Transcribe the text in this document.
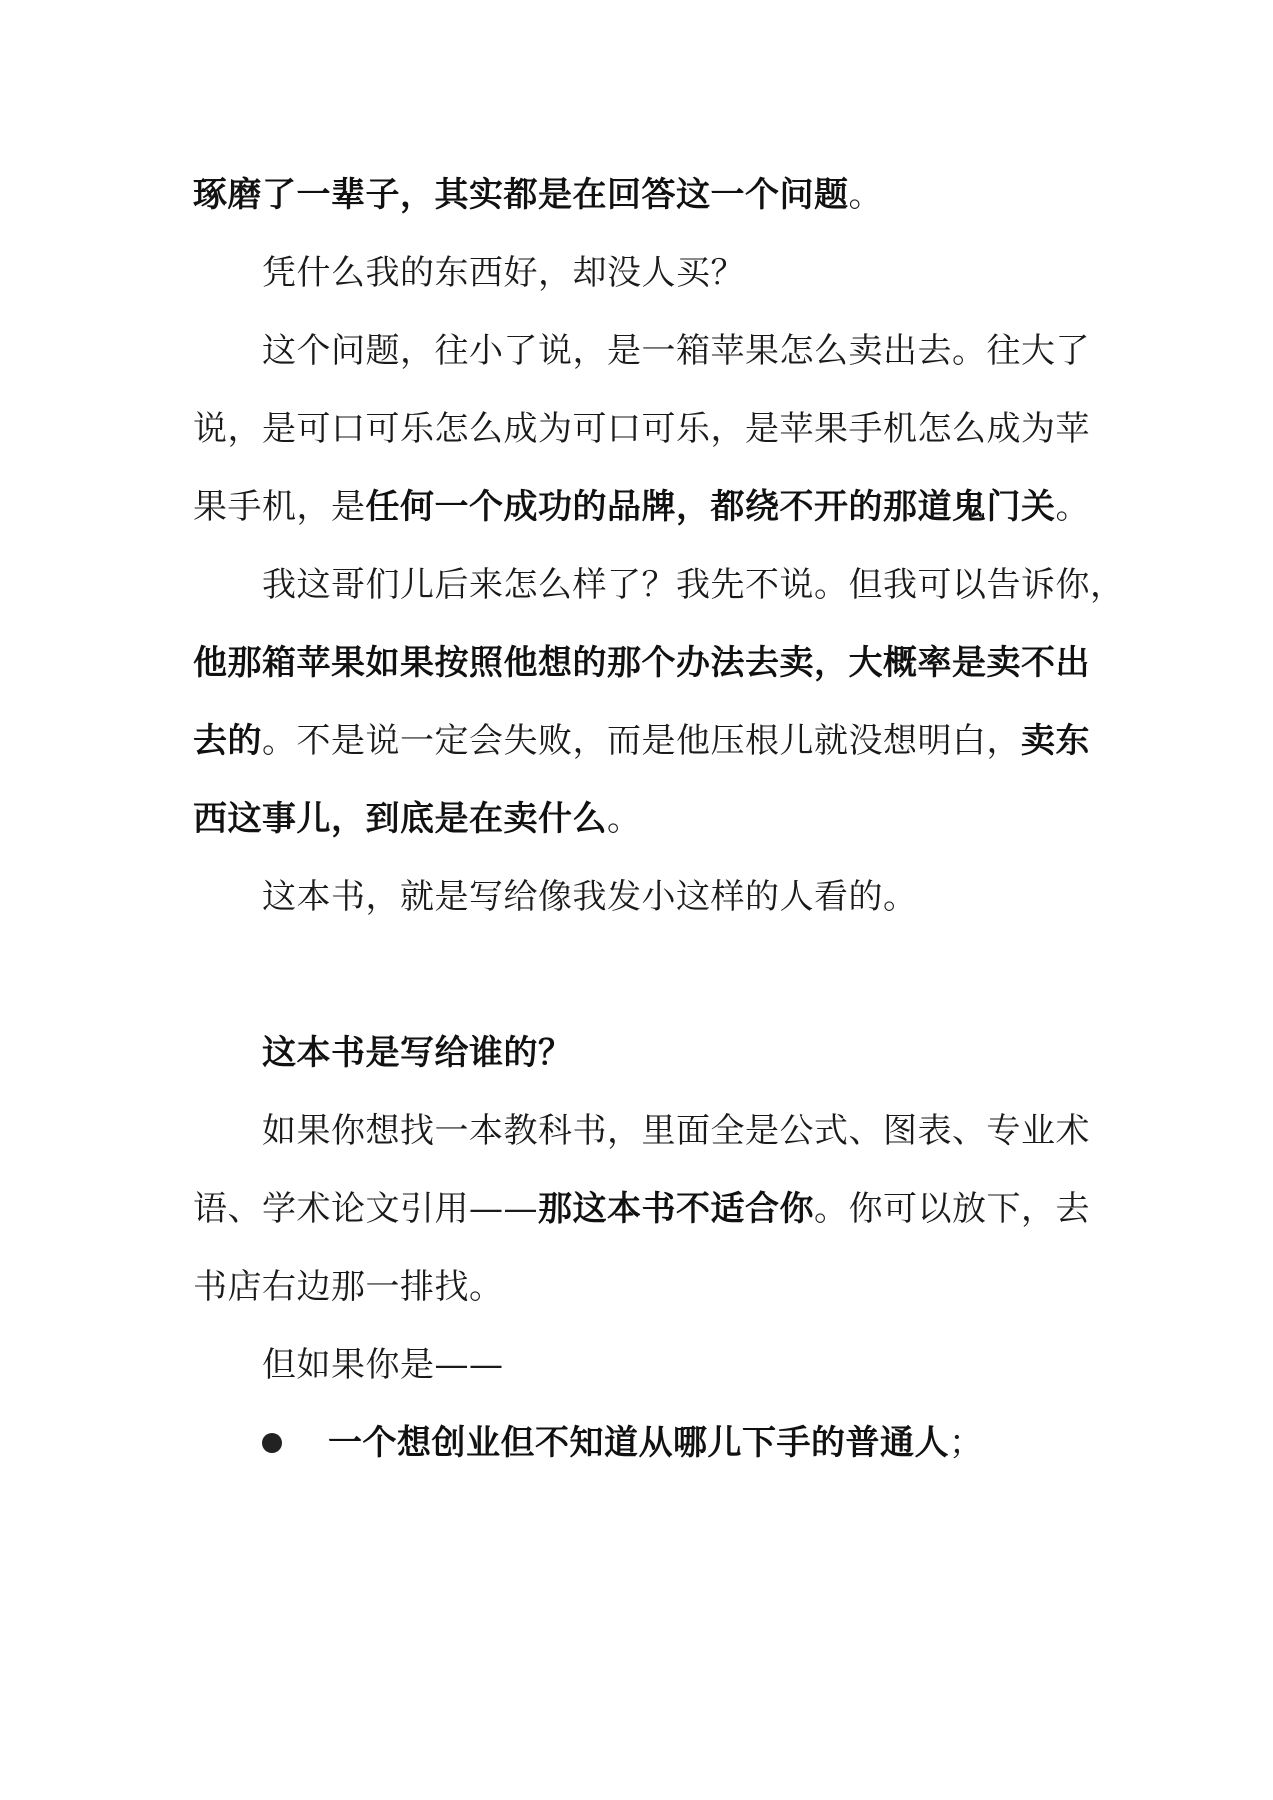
琢磨了一辈子，其实都是在回答这一个问题。
凭什么我的东西好，却没人买？
这个问题，往小了说，是一箱苹果怎么卖出去。往大了
说，是可口可乐怎么成为可口可乐，是苹果手机怎么成为苹
果手机，是任何一个成功的品牌，都绕不开的那道鬼门关。
我这哥们儿后来怎么样了？我先不说。但我可以告诉你，
他那箱苹果如果按照他想的那个办法去卖，大概率是卖不出
去的。不是说一定会失败，而是他压根儿就没想明白，卖东
西这事儿，到底是在卖什么。
这本书，就是写给像我发小这样的人看的。
这本书是写给谁的？
如果你想找一本教科书，里面全是公式、图表、专业术
语、学术论文引用——那这本书不适合你。你可以放下，去
书店右边那一排找。
但如果你是——
一个想创业但不知道从哪儿下手的普通人；
